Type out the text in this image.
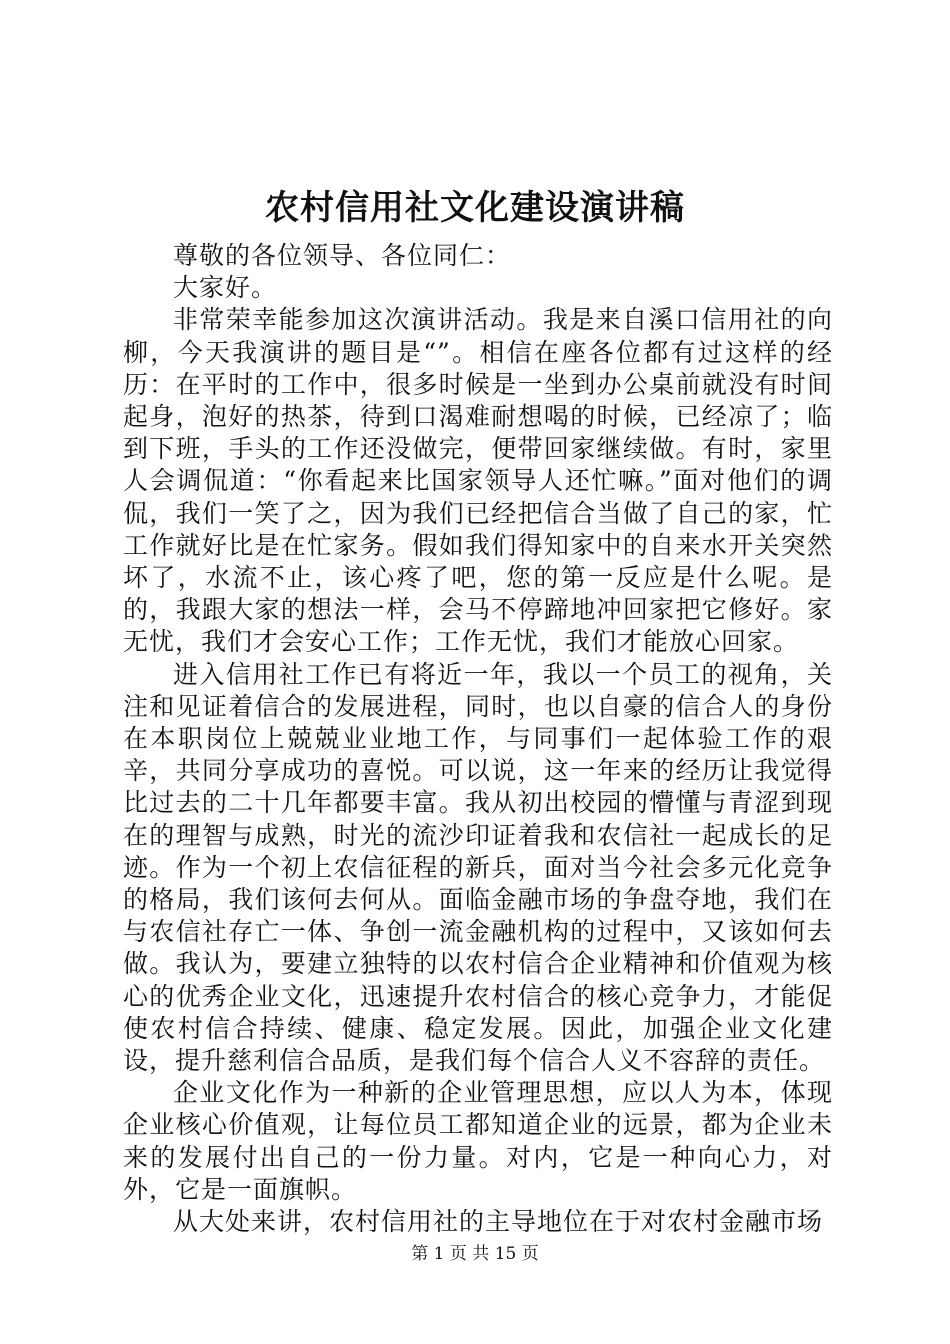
农村信用社文化建设演讲稿

尊敬的各位领导、各位同仁：

大家好。

非常荣幸能参加这次演讲活动。我是来自溪口信用社的向柳，今天我演讲的题目是“”。相信在座各位都有过这样的经历：在平时的工作中，很多时候是一坐到办公桌前就没有时间起身，泡好的热茶，待到口渴难耐想喝的时候，已经凉了；临到下班，手头的工作还没做完，便带回家继续做。有时，家里人会调侃道：“你看起来比国家领导人还忙嘛。”面对他们的调侃，我们一笑了之，因为我们已经把信合当做了自己的家，忙工作就好比是在忙家务。假如我们得知家中的自来水开关突然坏了，水流不止，该心疼了吧，您的第一反应是什么呢。是的，我跟大家的想法一样，会马不停蹄地冲回家把它修好。家无忧，我们才会安心工作；工作无忧，我们才能放心回家。

进入信用社工作已有将近一年，我以一个员工的视角，关注和见证着信合的发展进程，同时，也以自豪的信合人的身份在本职岗位上兢兢业业地工作，与同事们一起体验工作的艰辛，共同分享成功的喜悦。可以说，这一年来的经历让我觉得比过去的二十几年都要丰富。我从初出校园的懵懂与青涩到现在的理智与成熟，时光的流沙印证着我和农信社一起成长的足迹。作为一个初上农信征程的新兵，面对当今社会多元化竞争的格局，我们该何去何从。面临金融市场的争盘夺地，我们在与农信社存亡一体、争创一流金融机构的过程中，又该如何去做。我认为，要建立独特的以农村信合企业精神和价值观为核心的优秀企业文化，迅速提升农村信合的核心竞争力，才能促使农村信合持续、健康、稳定发展。因此，加强企业文化建设，提升慈利信合品质，是我们每个信合人义不容辞的责任。

企业文化作为一种新的企业管理思想，应以人为本，体现企业核心价值观，让每位员工都知道企业的远景，都为企业未来的发展付出自己的一份力量。对内，它是一种向心力，对外，它是一面旗帜。

从大处来讲，农村信用社的主导地位在于对农村金融市场

第 1 页 共 15 页
